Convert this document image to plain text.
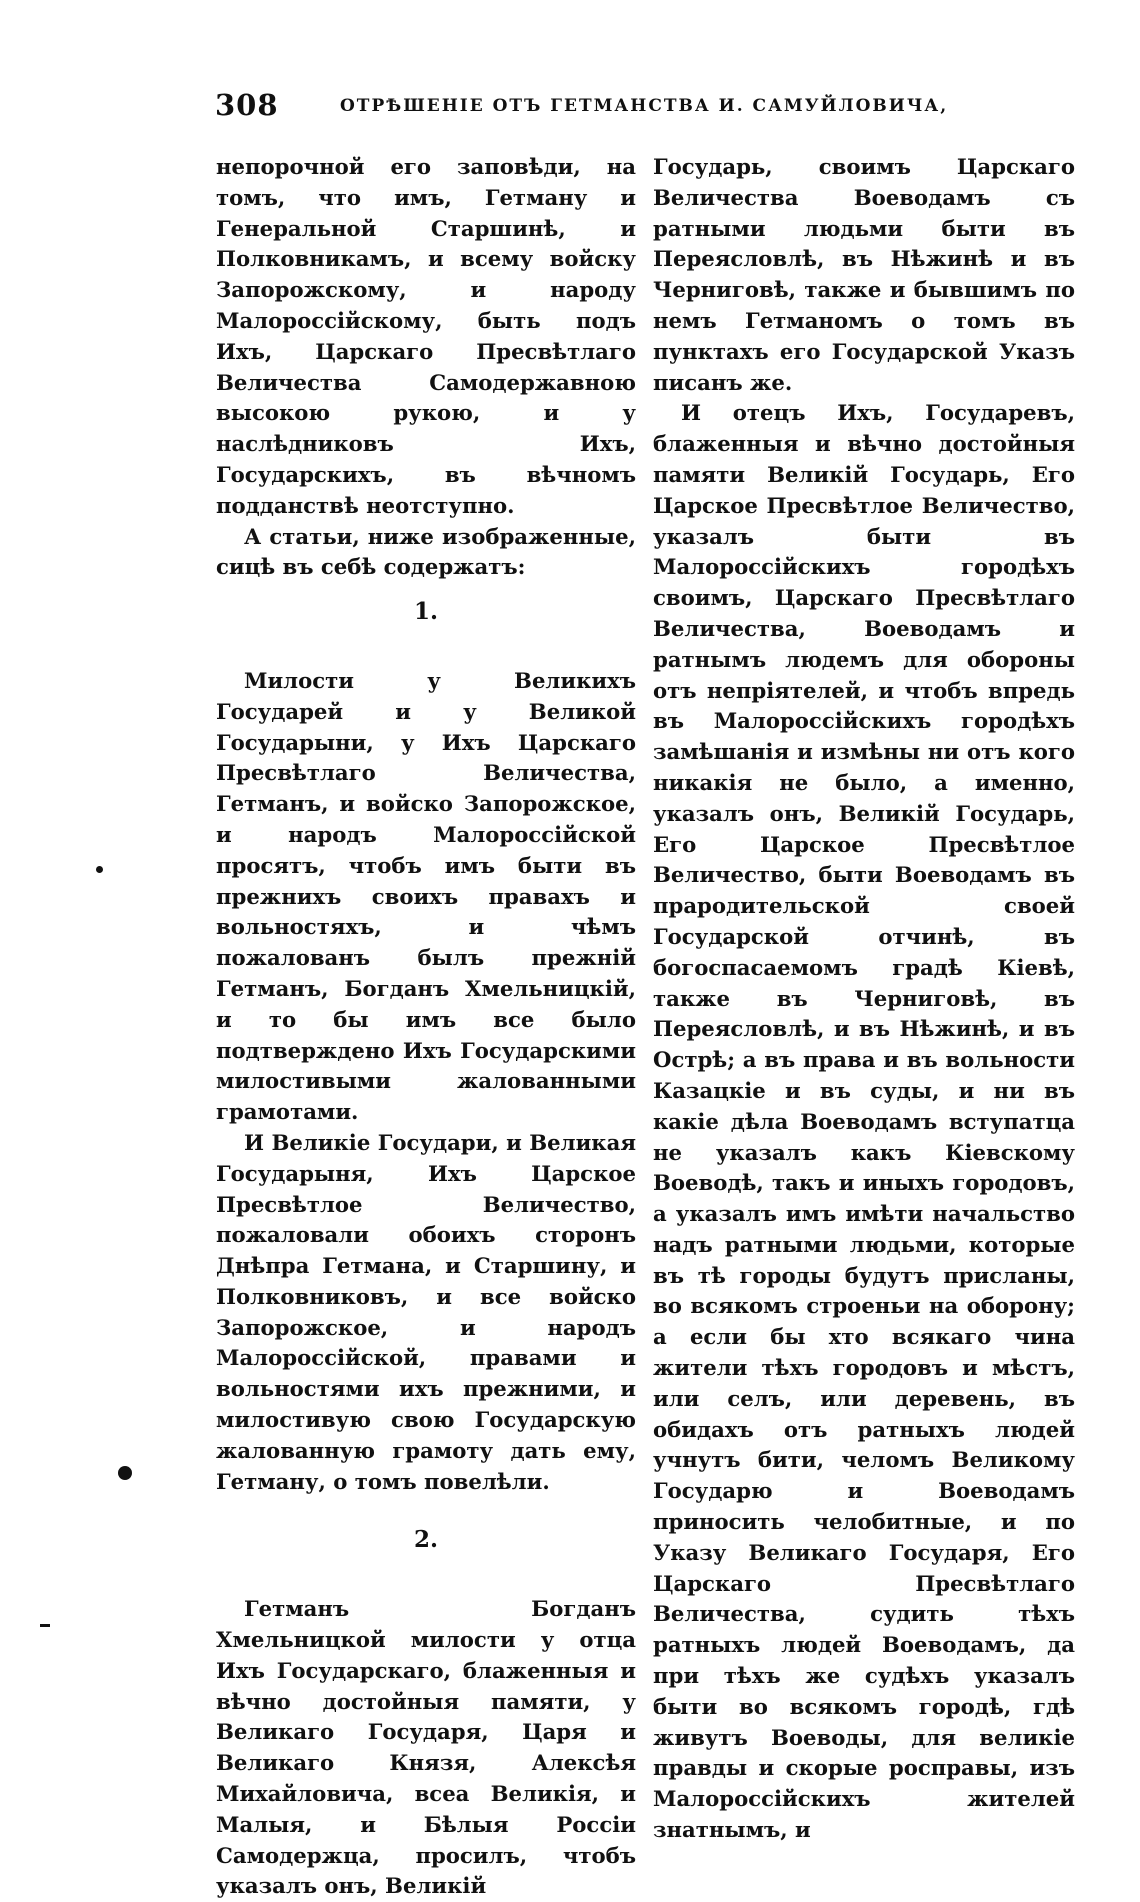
308	ОТРѢШЕНІЕ ОТЪ ГЕТМАНСТВА И. САМУЙЛОВИЧА,

непорочной его заповѣди, на томъ, что имъ, Гетману и Генеральной Старшинѣ, и Полковникамъ, и всему войску Запорожскому, и народу Малороссійскому, быть подъ Ихъ, Царскаго Пресвѣтлаго Величества Самодержавною высокою рукою, и у наслѣдниковъ Ихъ, Государскихъ, въ вѣчномъ подданствѣ неотступно.

А статьи, ниже изображенные, сицѣ въ себѣ содержатъ:

1.

Милости у Великихъ Государей и у Великой Государыни, у Ихъ Царскаго Пресвѣтлаго Величества, Гетманъ, и войско Запорожское, и народъ Малороссійской просятъ, чтобъ имъ быти въ прежнихъ своихъ правахъ и вольностяхъ, и чѣмъ пожалованъ былъ прежній Гетманъ, Богданъ Хмельницкій, и то бы имъ все было подтверждено Ихъ Государскими милостивыми жалованными грамотами.

И Великіе Государи, и Великая Государыня, Ихъ Царское Пресвѣтлое Величество, пожаловали обоихъ сторонъ Днѣпра Гетмана, и Старшину, и Полковниковъ, и все войско Запорожское, и народъ Малороссійской, правами и вольностями ихъ прежними, и милостивую свою Государскую жалованную грамоту дать ему, Гетману, о томъ повелѣли.

2.

Гетманъ Богданъ Хмельницкой милости у отца Ихъ Государскаго, блаженныя и вѣчно достойныя памяти, у Великаго Государя, Царя и Великаго Князя, Алексѣя Михайловича, всеа Великія, и Малыя, и Бѣлыя Россіи Самодержца, просилъ, чтобъ указалъ онъ, Великій

Государь, своимъ Царскаго Величества Воеводамъ съ ратными людьми быти въ Переясловлѣ, въ Нѣжинѣ и въ Черниговѣ, также и бывшимъ по немъ Гетманомъ о томъ въ пунктахъ его Государской Указъ писанъ же.

И отецъ Ихъ, Государевъ, блаженныя и вѣчно достойныя памяти Великій Государь, Его Царское Пресвѣтлое Величество, указалъ быти въ Малороссійскихъ городѣхъ своимъ, Царскаго Пресвѣтлаго Величества, Воеводамъ и ратнымъ людемъ для обороны отъ непріятелей, и чтобъ впредь въ Малороссійскихъ городѣхъ замѣшанія и измѣны ни отъ кого никакія не было, а именно, указалъ онъ, Великій Государь, Его Царское Пресвѣтлое Величество, быти Воеводамъ въ прародительской своей Государской отчинѣ, въ богоспасаемомъ градѣ Кіевѣ, также въ Черниговѣ, въ Переясловлѣ, и въ Нѣжинѣ, и въ Острѣ; а въ права и въ вольности Казацкіе и въ суды, и ни въ какіе дѣла Воеводамъ вступатца не указалъ какъ Кіевскому Воеводѣ, такъ и иныхъ городовъ, а указалъ имъ имѣти начальство надъ ратными людьми, которые въ тѣ городы будутъ присланы, во всякомъ строеньи на оборону; а если бы хто всякаго чина жители тѣхъ городовъ и мѣстъ, или селъ, или деревень, въ обидахъ отъ ратныхъ людей учнутъ бити, челомъ Великому Государю и Воеводамъ приносить челобитные, и по Указу Великаго Государя, Его Царскаго Пресвѣтлаго Величества, судить тѣхъ ратныхъ людей Воеводамъ, да при тѣхъ же судѣхъ указалъ быти во всякомъ городѣ, гдѣ живутъ Воеводы, для великіе правды и скорые росправы, изъ Малороссійскихъ жителей знатнымъ, и
